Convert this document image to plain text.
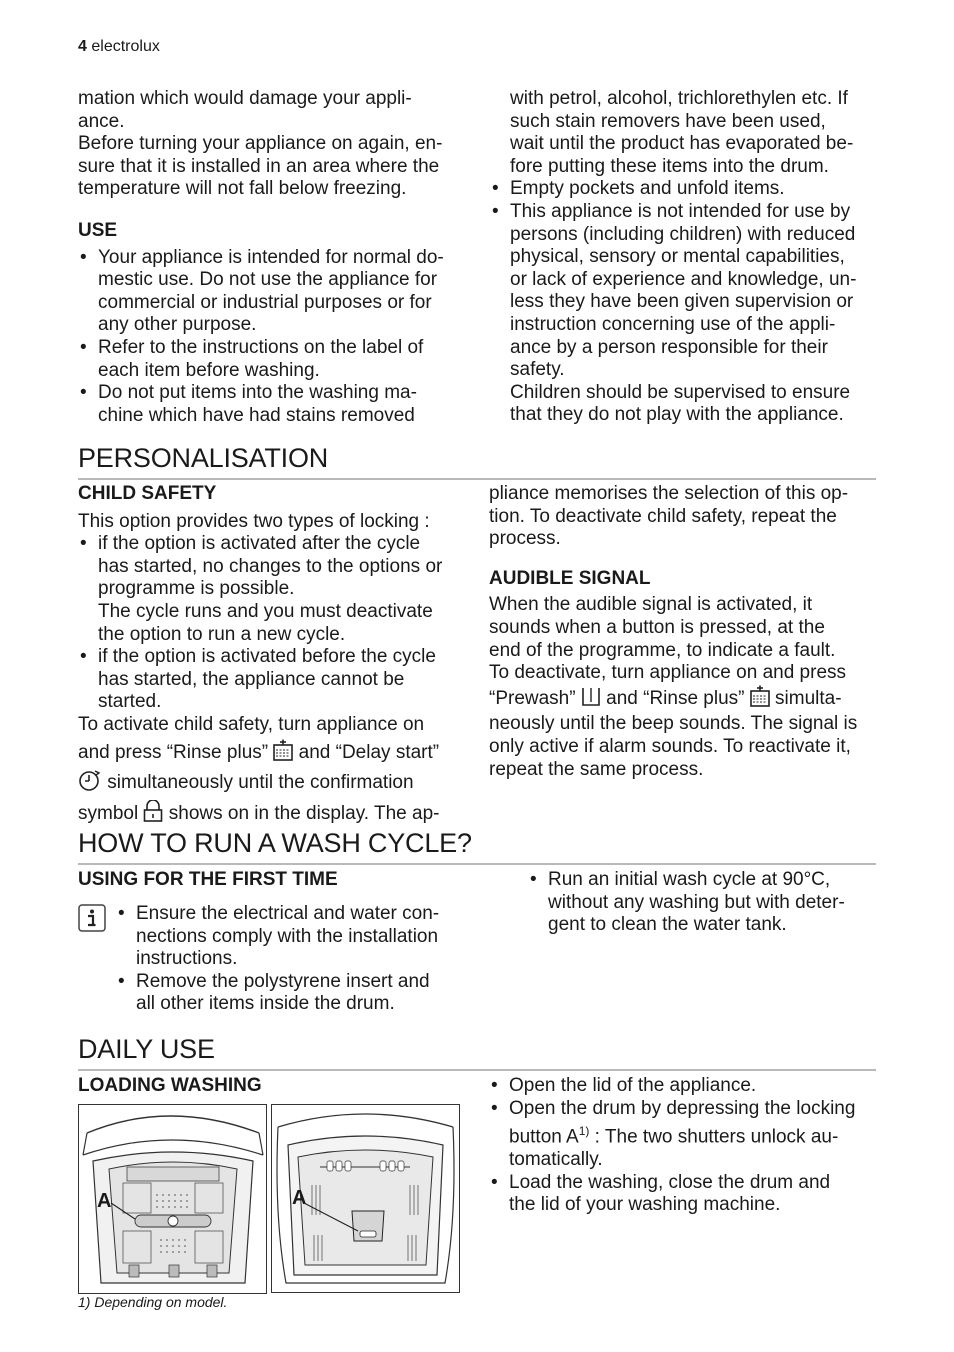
4 electrolux

mation which would damage your appli-
ance.
Before turning your appliance on again, en-
sure that it is installed in an area where the
temperature will not fall below freezing.

USE
• Your appliance is intended for normal do-
mestic use. Do not use the appliance for
commercial or industrial purposes or for
any other purpose.
• Refer to the instructions on the label of
each item before washing.
• Do not put items into the washing ma-
chine which have had stains removed

with petrol, alcohol, trichlorethylen etc. If
such stain removers have been used,
wait until the product has evaporated be-
fore putting these items into the drum.

• Empty pockets and unfold items.
• This appliance is not intended for use by
persons (including children) with reduced
physical, sensory or mental capabilities,
or lack of experience and knowledge, un-
less they have been given supervision or
instruction concerning use of the appli-
ance by a person responsible for their
safety.
Children should be supervised to ensure
that they do not play with the appliance.
PERSONALISATION
CHILD SAFETY

This option provides two types of locking :

• if the option is activated after the cycle
has started, no changes to the options or
programme is possible.
The cycle runs and you must deactivate
the option to run a new cycle.
• if the option is activated before the cycle
has started, the appliance cannot be
started.

To activate child safety, turn appliance on

and press “Rinse plus”  and “Delay start”

simultaneously until the confirmation

symbol  shows on in the display. The ap-

pliance memorises the selection of this op-
tion. To deactivate child safety, repeat the
process.

AUDIBLE SIGNAL

When the audible signal is activated, it
sounds when a button is pressed, at the
end of the programme, to indicate a fault.
To deactivate, turn appliance on and press

“Prewash”  and “Rinse plus”  simulta-

neously until the beep sounds. The signal is
only active if alarm sounds. To reactivate it,
repeat the same process.

HOW TO RUN A WASH CYCLE?
USING FOR THE FIRST TIME
• Ensure the electrical and water con-
nections comply with the installation
instructions.
• Remove the polystyrene insert and
all other items inside the drum.
• Run an initial wash cycle at 90°C,
without any washing but with deter-
gent to clean the water tank.
DAILY USE
LOADING WASHING
A	A
• Open the lid of the appliance.
• Open the drum by depressing the locking
button $A^{1)}$ : The two shutters unlock au-
tomatically.
• Load the washing, close the drum and
the lid of your washing machine.
1) Depending on model.
